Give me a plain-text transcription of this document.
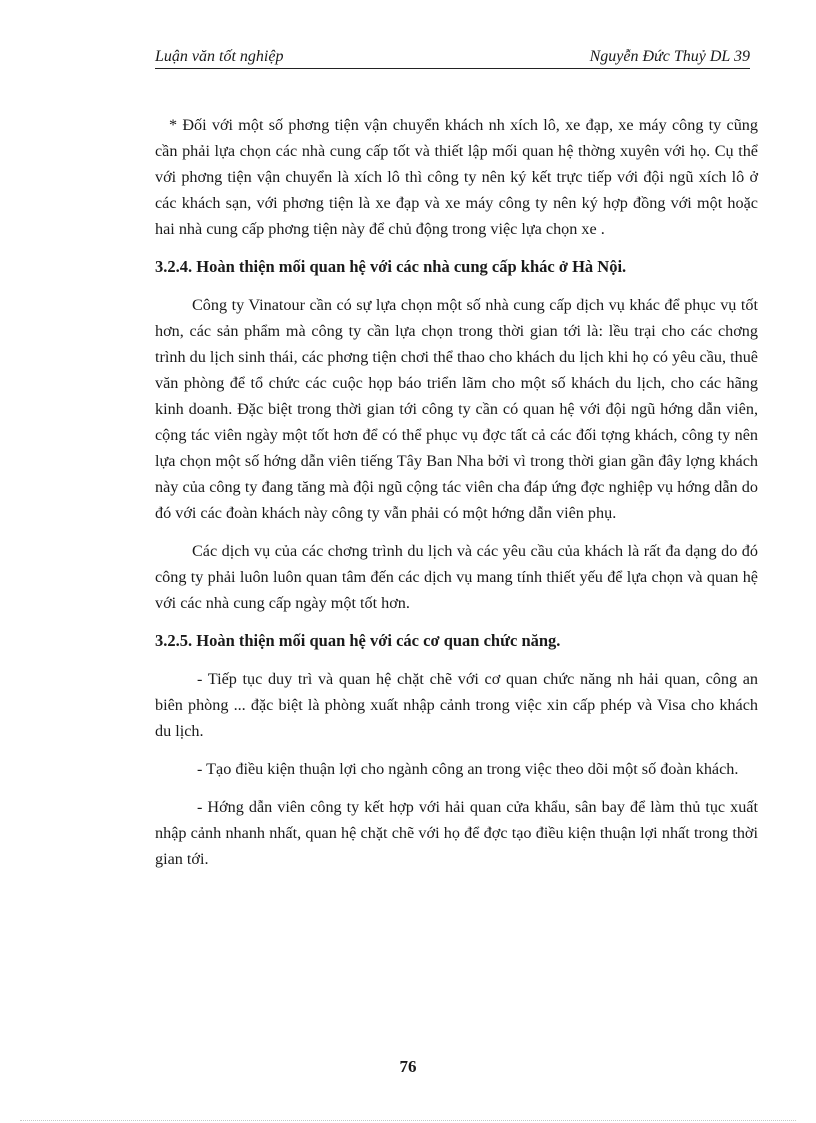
Luận văn tốt nghiệp	Nguyễn Đức Thuỷ DL 39

* Đối với một số phơng tiện vận chuyển khách nh xích lô, xe đạp, xe máy công ty cũng cần phải lựa chọn các nhà cung cấp tốt và thiết lập mối quan hệ thờng xuyên với họ. Cụ thể với phơng tiện vận chuyển là xích lô thì công ty nên ký kết trực tiếp với đội ngũ xích lô ở các khách sạn, với phơng tiện là xe đạp và xe máy công ty nên ký hợp đồng với một hoặc hai nhà cung cấp phơng tiện này để chủ động trong việc lựa chọn xe .

3.2.4. Hoàn thiện mối quan hệ với các nhà cung cấp khác ở Hà Nội.

Công ty Vinatour cần có sự lựa chọn một số nhà cung cấp dịch vụ khác để phục vụ tốt hơn, các sản phẩm mà công ty cần lựa chọn trong thời gian tới là: lều trại cho các chơng trình du lịch sinh thái, các phơng tiện chơi thể thao cho khách du lịch khi họ có yêu cầu, thuê văn phòng để tổ chức các cuộc họp báo triển lãm cho một số khách du lịch, cho các hãng kinh doanh. Đặc biệt trong thời gian tới công ty cần có quan hệ với đội ngũ hớng dẫn viên, cộng tác viên ngày một tốt hơn để có thể phục vụ đợc tất cả các đối tợng khách, công ty nên lựa chọn một số hớng dẫn viên tiếng Tây Ban Nha bởi vì trong thời gian gần đây lợng khách này của công ty đang tăng mà đội ngũ cộng tác viên cha đáp ứng đợc nghiệp vụ hớng dẫn do đó với các đoàn khách này công ty vẫn phải có một hớng dẫn viên phụ.

Các dịch vụ của các chơng trình du lịch và các yêu cầu của khách là rất đa dạng do đó công ty phải luôn luôn quan tâm đến các dịch vụ mang tính thiết yếu để lựa chọn và quan hệ với các nhà cung cấp ngày một tốt hơn.

3.2.5. Hoàn thiện mối quan hệ với các cơ quan chức năng.

- Tiếp tục duy trì và quan hệ chặt chẽ với cơ quan chức năng nh hải quan, công an biên phòng ... đặc biệt là phòng xuất nhập cảnh trong việc xin cấp phép và Visa cho khách du lịch.

- Tạo điều kiện thuận lợi cho ngành công an trong việc theo dõi một số đoàn khách.

- Hớng dẫn viên công ty kết hợp với hải quan cửa khẩu, sân bay để làm thủ tục xuất nhập cảnh nhanh nhất, quan hệ chặt chẽ với họ để đợc tạo điều kiện thuận lợi nhất trong thời gian tới.

76
